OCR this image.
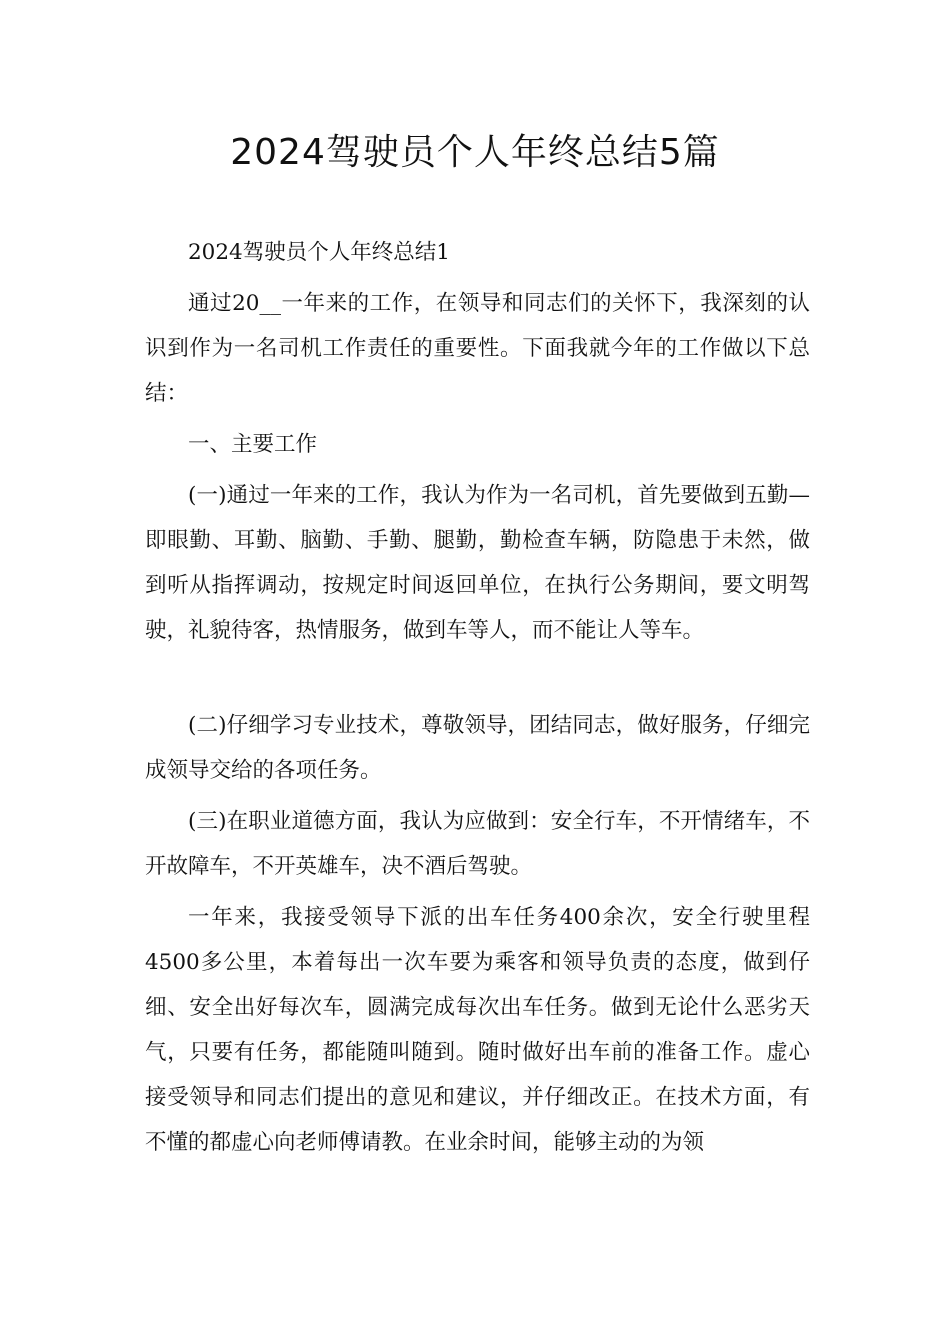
2024驾驶员个人年终总结5篇

2024驾驶员个人年终总结1

通过20__一年来的工作，在领导和同志们的关怀下，我深刻的认识到作为一名司机工作责任的重要性。下面我就今年的工作做以下总结：

一、主要工作

(一)通过一年来的工作，我认为作为一名司机，首先要做到五勤—即眼勤、耳勤、脑勤、手勤、腿勤，勤检查车辆，防隐患于未然，做到听从指挥调动，按规定时间返回单位，在执行公务期间，要文明驾驶，礼貌待客，热情服务，做到车等人，而不能让人等车。

(二)仔细学习专业技术，尊敬领导，团结同志，做好服务，仔细完成领导交给的各项任务。

(三)在职业道德方面，我认为应做到：安全行车，不开情绪车，不开故障车，不开英雄车，决不酒后驾驶。

一年来，我接受领导下派的出车任务400余次，安全行驶里程4500多公里，本着每出一次车要为乘客和领导负责的态度，做到仔细、安全出好每次车，圆满完成每次出车任务。做到无论什么恶劣天气，只要有任务，都能随叫随到。随时做好出车前的准备工作。虚心接受领导和同志们提出的意见和建议，并仔细改正。在技术方面，有不懂的都虚心向老师傅请教。在业余时间，能够主动的为领
